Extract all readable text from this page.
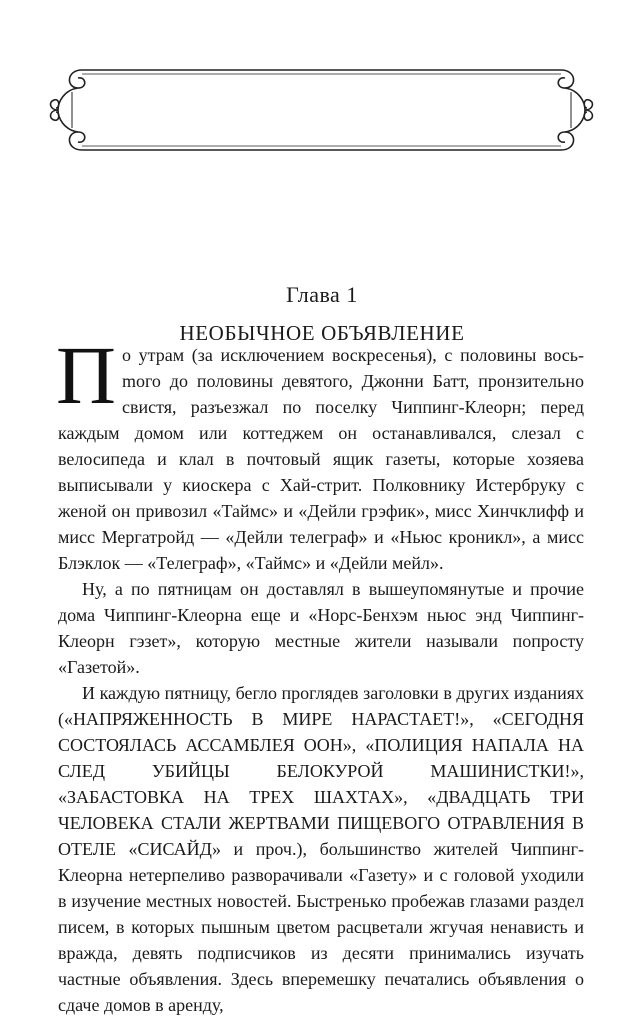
Глава 1
НЕОБЫЧНОЕ ОБЪЯВЛЕНИЕ

По утрам (за исключением воскресенья), с половины восьmого до половины девятого, Джонни Батт, пронзительно свистя, разъезжал по поселку Чиппинг-Клеорн; перед каждым домом или коттеджем он останавливался, слезал с велосипеда и клал в почтовый ящик газеты, которые хозяева выписывали у киоскера с Хай-стрит. Полковнику Истербруку с женой он привозил «Таймс» и «Дейли грэфик», мисс Хинчклифф и мисс Мергатройд — «Дейли телеграф» и «Ньюс кроникл», а мисс Блэклок — «Телеграф», «Таймс» и «Дейли мейл».

Ну, а по пятницам он доставлял в вышеупомянутые и прочие дома Чиппинг-Клеорна еще и «Норс-Бенхэм ньюс энд Чиппинг-Клеорн гэзет», которую местные жители называли попросту «Газетой».

И каждую пятницу, бегло проглядев заголовки в других изданиях («НАПРЯЖЕННОСТЬ В МИРЕ НАРАСТАЕТ!», «СЕГОДНЯ СОСТОЯЛАСЬ АССАМБЛЕЯ ООН», «ПОЛИЦИЯ НАПАЛА НА СЛЕД УБИЙЦЫ БЕЛОКУРОЙ МАШИНИСТКИ!», «ЗАБАСТОВКА НА ТРЕХ ШАХТАХ», «ДВАДЦАТЬ ТРИ ЧЕЛОВЕКА СТАЛИ ЖЕРТВАМИ ПИЩЕВОГО ОТРАВЛЕНИЯ В ОТЕЛЕ «СИСАЙД» и проч.), большинство жителей Чиппинг-Клеорна нетерпеливо разворачивали «Газету» и с головой уходили в изучение местных новостей. Быстренько пробежав глазами раздел писем, в которых пышным цветом расцветали жгучая ненависть и вражда, девять подписчиков из десяти принимались изучать частные объявления. Здесь вперемешку печатались объявления о сдаче домов в аренду,
